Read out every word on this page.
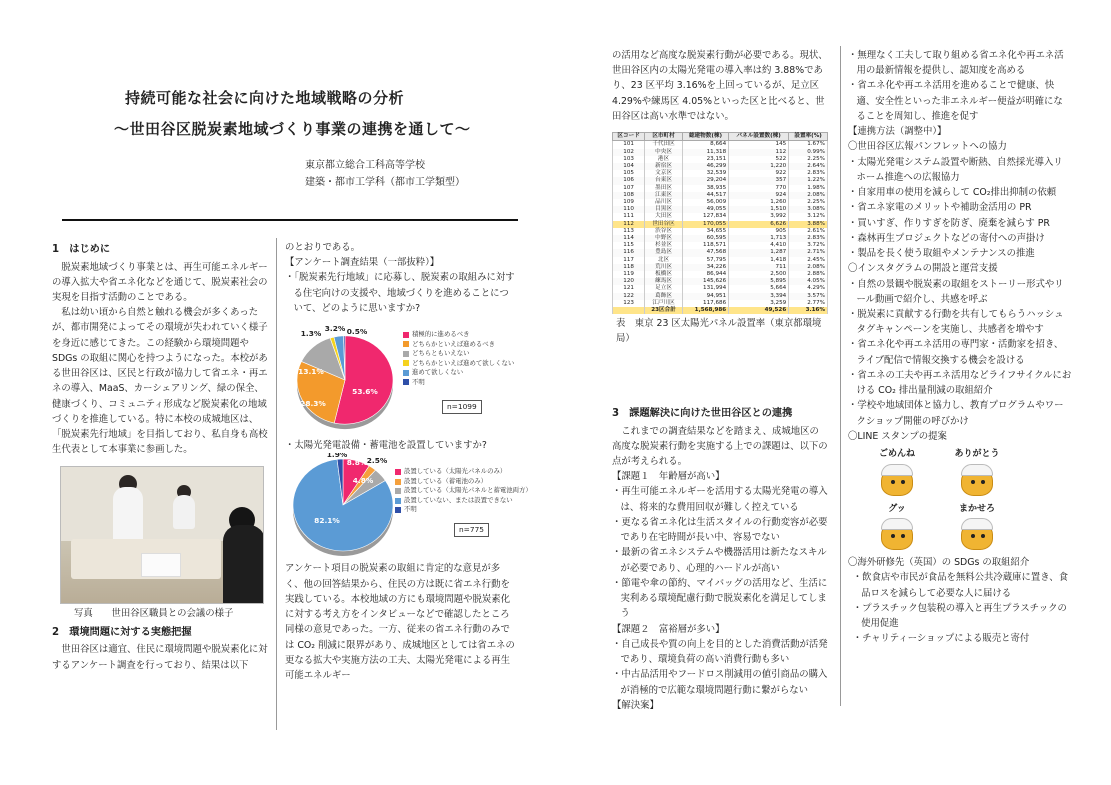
持続可能な社会に向けた地域戦略の分析
～世田谷区脱炭素地域づくり事業の連携を通して～
東京都立総合工科高等学校
建築・都市工学科（都市工学類型）
1　はじめに
脱炭素地域づくり事業とは、再生可能エネルギーの導入拡大や省エネ化などを通じて、脱炭素社会の実現を目指す活動のことである。
私は幼い頃から自然と触れる機会が多くあったが、都市開発によってその環境が失われていく様子を身近に感じてきた。この経験から環境問題や SDGs の取組に関心を持つようになった。本校がある世田谷区は、区民と行政が協力して省エネ・再エネの導入、MaaS、カーシェアリング、緑の保全、健康づくり、コミュニティ形成など脱炭素化の地域づくりを推進している。特に本校の成城地区は、「脱炭素先行地域」を目指しており、私自身も高校生代表として本事業に参画した。
写真　　世田谷区職員との会議の様子
2　環境問題に対する実態把握
世田谷区は適宜、住民に環境問題や脱炭素化に対するアンケート調査を行っており、結果は以下
のとおりである。
【アンケート調査結果（一部抜粋）】
・「脱炭素先行地域」に応募し、脱炭素の取組みに対する住宅向けの支援や、地域づくりを進めることについて、どのように思いますか?
53.6%
28.3%
13.1%
1.3%
3.2% 0.5%	積極的に進めるべき
どちらかといえば進めるべき
どちらともいえない
どちらかといえば進めて欲しくない
進めて欲しくない
不明
n=1099
・太陽光発電設備・蓄電池を設置していますか?
8.8% 2.5%
4.8%
82.1%
1.9%
設置している（太陽光パネルのみ）
設置している（蓄電池のみ）
設置している（太陽光パネルと蓄電池両方）
設置していない、または設置できない
不明
n=775
アンケート項目の脱炭素の取組に肯定的な意見が多く、他の回答結果から、住民の方は既に省エネ行動を実践している。本校地域の方にも環境問題や脱炭素化に対する考え方をインタビューなどで確認したところ同様の意見であった。一方、従来の省エネ行動のみでは CO₂ 削減に限界があり、成城地区としては省エネの更なる拡大や実施方法の工夫、太陽光発電による再生可能エネルギー
の活用など高度な脱炭素行動が必要である。現状、世田谷区内の太陽光発電の導入率は約 3.88%であり、23 区平均 3.16%を上回っているが、足立区 4.29%や練馬区 4.05%といった区と比べると、世田谷区は高い水準ではない。
区コード	区市町村	総建物数(棟)	パネル設置数(棟)	設置率(%)
101	千代田区	8,664	145	1.67%
102	中央区	11,318	112	0.99%
103	港区	23,151	522	2.25%
104	新宿区	46,299	1,220	2.64%
105	文京区	32,539	922	2.83%
106	台東区	29,204	357	1.22%
107	墨田区	38,935	770	1.98%
108	江東区	44,517	924	2.08%
109	品川区	56,009	1,260	2.25%
110	目黒区	49,055	1,510	3.08%
111	大田区	127,834	3,992	3.12%
112	世田谷区	170,055	6,626	3.88%
113	渋谷区	34,655	905	2.61%
114	中野区	60,595	1,713	2.83%
115	杉並区	118,571	4,410	3.72%
116	豊島区	47,568	1,287	2.71%
117	北区	57,795	1,418	2.45%
118	荒川区	34,226	711	2.08%
119	板橋区	86,944	2,500	2.88%
120	練馬区	145,626	5,895	4.05%
121	足立区	131,994	5,664	4.29%
122	葛飾区	94,951	3,394	3.57%
123	江戸川区	117,686	3,259	2.77%
	23区合計	1,568,986	49,526	3.16%
表　東京 23 区太陽光パネル設置率（東京都環境局）
3　課題解決に向けた世田谷区との連携
これまでの調査結果などを踏まえ、成城地区の高度な脱炭素行動を実施する上での課題は、以下の点が考えられる。
【課題１　年齢層が高い】
・再生可能エネルギーを活用する太陽光発電の導入は、将来的な費用回収が難しく控えている
・更なる省エネ化は生活スタイルの行動変容が必要であり在宅時間が長い中、容易でない
・最新の省エネシステムや機器活用は新たなスキルが必要であり、心理的ハードルが高い
・節電や傘の節約、マイバッグの活用など、生活に実利ある環境配慮行動で脱炭素化を満足してしまう
【課題２　富裕層が多い】
・自己成長や質の向上を目的とした消費活動が活発であり、環境負荷の高い消費行動も多い
・中古品活用やフードロス削減用の値引商品の購入が消極的で広範な環境問題行動に繋がらない
【解決案】
・無理なく工夫して取り組める省エネ化や再エネ活用の最新情報を提供し、認知度を高める
・省エネ化や再エネ活用を進めることで健康、快適、安全性といった非エネルギー便益が明確になることを周知し、推進を促す
【連携方法（調整中）】
〇世田谷区広報パンフレットへの協力
・太陽光発電システム設置や断熱、自然採光導入リホーム推進への広報協力
・自家用車の使用を減らして CO₂排出抑制の依頼
・省エネ家電のメリットや補助金活用の PR
・買いすぎ、作りすぎを防ぎ、廃棄を減らす PR
・森林再生プロジェクトなどの寄付への声掛け
・製品を長く使う取組やメンテナンスの推進
〇インスタグラムの開設と運営支援
・自然の景観や脱炭素の取組をストーリー形式やリール動画で紹介し、共感を呼ぶ
・脱炭素に貢献する行動を共有してもらうハッシュタグキャンペーンを実施し、共感者を増やす
・省エネ化や再エネ活用の専門家・活動家を招き、ライブ配信で情報交換する機会を設ける
・省エネの工夫や再エネ活用などライフサイクルにおける CO₂ 排出量削減の取組紹介
・学校や地域団体と協力し、教育プログラムやワークショップ開催の呼びかけ
〇LINE スタンプの提案
ごめんね	ありがとう
グッ	まかせろ
〇海外研修先（英国）の SDGs の取組紹介
・飲食店や市民が食品を無料公共冷蔵庫に置き、食品ロスを減らして必要な人に届ける
・プラスチック包装税の導入と再生プラスチックの使用促進
・チャリティーショップによる販売と寄付
